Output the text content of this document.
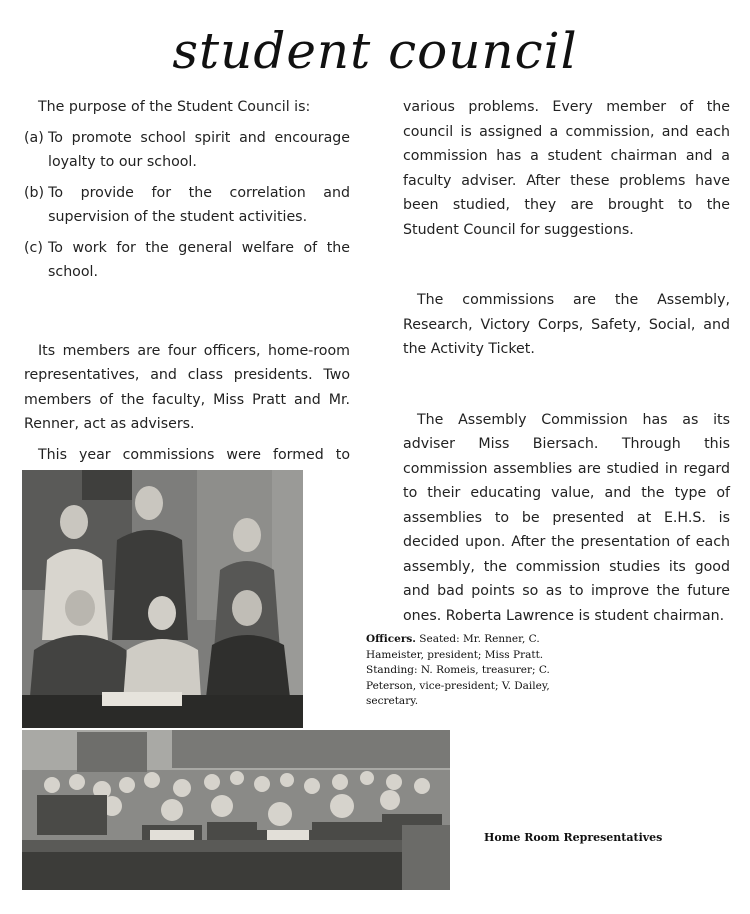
student council

The purpose of the Student Council is:

(a) To promote school spirit and encourage loyalty to our school.
(b) To provide for the correlation and supervision of the student activities.
(c) To work for the general welfare of the school.

Its members are four officers, home-room representatives, and class presidents. Two members of the faculty, Miss Pratt and Mr. Renner, act as advisers.

This year commissions were formed to

various problems. Every member of the council is assigned a commission, and each commission has a student chairman and a faculty adviser. After these problems have been studied, they are brought to the Student Council for suggestions.

The commissions are the Assembly, Research, Victory Corps, Safety, Social, and the Activity Ticket.

The Assembly Commission has as its adviser Miss Biersach. Through this commission assemblies are studied in regard to their educating value, and the type of assemblies to be presented at E.H.S. is decided upon. After the presentation of each assembly, the commission studies its good and bad points so as to improve the future ones. Roberta Lawrence is student chairman.

Officers. Seated: Mr. Renner, C. Hameister, president; Miss Pratt. Standing: N. Romeis, treasurer; C. Peterson, vice-president; V. Dailey, secretary.
Home Room Representatives
